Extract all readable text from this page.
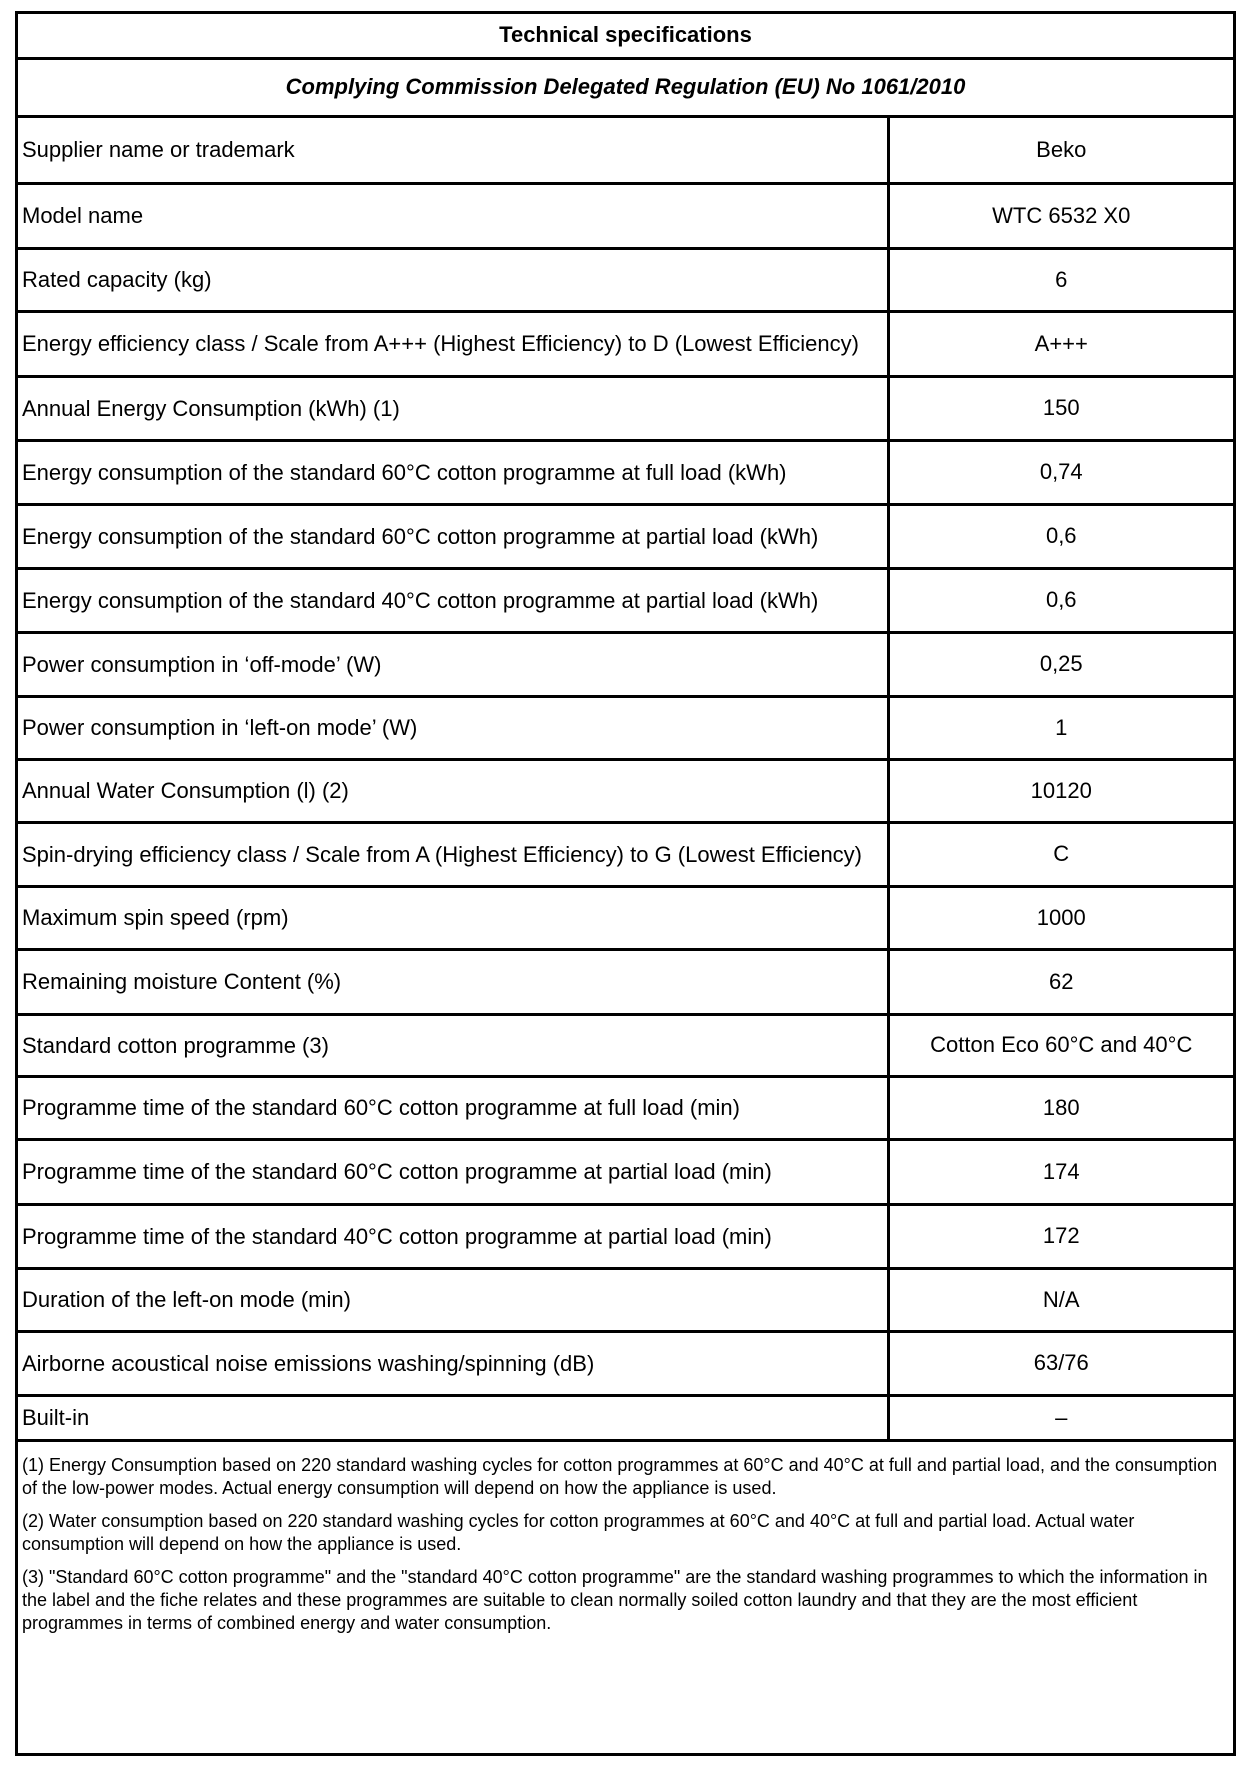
Technical specifications	
Complying Commission Delegated Regulation (EU) No 1061/2010	
Supplier name or trademark	Beko
Model name	WTC 6532 X0
Rated capacity (kg)	6
Energy efficiency class / Scale from A+++ (Highest Efficiency) to D (Lowest Efficiency)	A+++
Annual Energy Consumption (kWh) (1)	150
Energy consumption of the standard 60°C cotton programme at full load (kWh)	0,74
Energy consumption of the standard 60°C cotton programme at partial load (kWh)	0,6
Energy consumption of the standard 40°C cotton programme at partial load (kWh)	0,6
Power consumption in ‘off-mode’ (W)	0,25
Power consumption in ‘left-on mode’ (W)	1
Annual Water Consumption (l) (2)	10120
Spin-drying efficiency class / Scale from A (Highest Efficiency) to G (Lowest Efficiency)	C
Maximum spin speed (rpm)	1000
Remaining moisture Content (%)	62
Standard cotton programme (3)	Cotton Eco 60°C and 40°C
Programme time of the standard 60°C cotton programme at full load (min)	180
Programme time of the standard 60°C cotton programme at partial load (min)	174
Programme time of the standard 40°C cotton programme at partial load (min)	172
Duration of the left-on mode (min)	N/A
Airborne acoustical noise emissions washing/spinning (dB)	63/76
Built-in	–

(1) Energy Consumption based on 220 standard washing cycles for cotton programmes at 60°C and 40°C at full and partial load, and the consumption of the low-power modes. Actual energy consumption will depend on how the appliance is used.

(2) Water consumption based on 220 standard washing cycles for cotton programmes at 60°C and 40°C at full and partial load. Actual water consumption will depend on how the appliance is used.

(3) "Standard 60°C cotton programme" and the "standard 40°C cotton programme" are the standard washing programmes to which the information in the label and the fiche relates and these programmes are suitable to clean normally soiled cotton laundry and that they are the most efficient programmes in terms of combined energy and water consumption.
